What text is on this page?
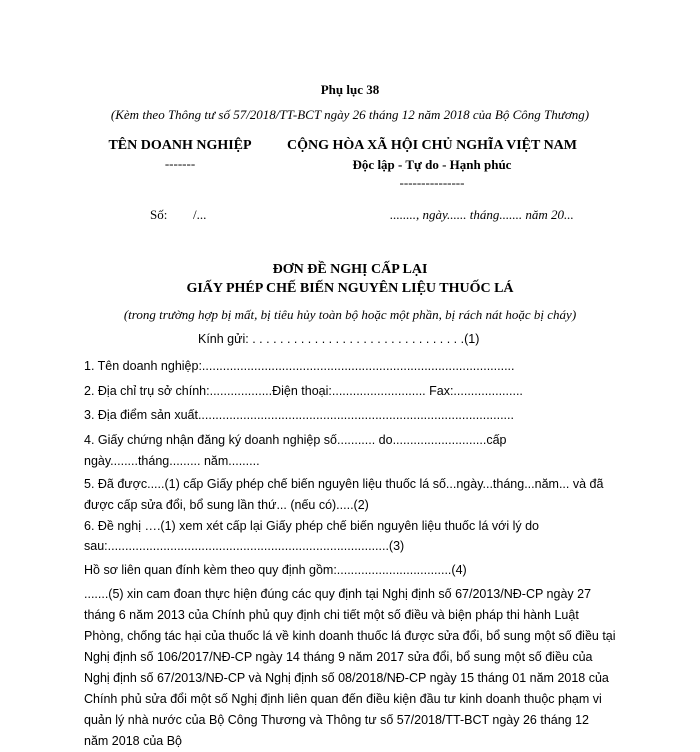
Phụ lục 38
(Kèm theo Thông tư số 57/2018/TT-BCT ngày 26 tháng 12 năm 2018 của Bộ Công Thương)
TÊN DOANH NGHIỆP
-------
CỘNG HÒA XÃ HỘI CHỦ NGHĨA VIỆT NAM
Độc lập - Tự do - Hạnh phúc
---------------
Số: /...	........, ngày...... tháng....... năm 20...
ĐƠN ĐỀ NGHỊ CẤP LẠI
GIẤY PHÉP CHẾ BIẾN NGUYÊN LIỆU THUỐC LÁ
(trong trường hợp bị mất, bị tiêu hủy toàn bộ hoặc một phần, bị rách nát hoặc bị cháy)
Kính gửi: . . . . . . . . . . . . . . . . . . . . . . . . . . . . . . .(1)
1. Tên doanh nghiệp:..........................................................................................
2. Địa chỉ trụ sở chính:..................Điện thoại:........................... Fax:....................
3. Địa điểm sản xuất...........................................................................................
4. Giấy chứng nhận đăng ký doanh nghiệp số........... do...........................cấp
ngày........tháng......... năm.........
5. Đã được.....(1) cấp Giấy phép chế biến nguyên liệu thuốc lá số...ngày...tháng...năm... và đã được cấp sửa đổi, bổ sung lần thứ... (nếu có).....(2)
6. Đề nghị ….(1) xem xét cấp lại Giấy phép chế biến nguyên liệu thuốc lá với lý do
sau:.................................................................................(3)
Hồ sơ liên quan đính kèm theo quy định gồm:.................................(4)
.......(5) xin cam đoan thực hiện đúng các quy định tại Nghị định số 67/2013/NĐ-CP ngày 27 tháng 6 năm 2013 của Chính phủ quy định chi tiết một số điều và biện pháp thi hành Luật Phòng, chống tác hại của thuốc lá về kinh doanh thuốc lá được sửa đổi, bổ sung một số điều tại Nghị định số 106/2017/NĐ-CP ngày 14 tháng 9 năm 2017 sửa đổi, bổ sung một số điều của Nghị định số 67/2013/NĐ-CP và Nghị định số 08/2018/NĐ-CP ngày 15 tháng 01 năm 2018 của Chính phủ sửa đổi một số Nghị định liên quan đến điều kiện đầu tư kinh doanh thuộc phạm vi quản lý nhà nước của Bộ Công Thương và Thông tư số 57/2018/TT-BCT ngày 26 tháng 12 năm 2018 của Bộ
